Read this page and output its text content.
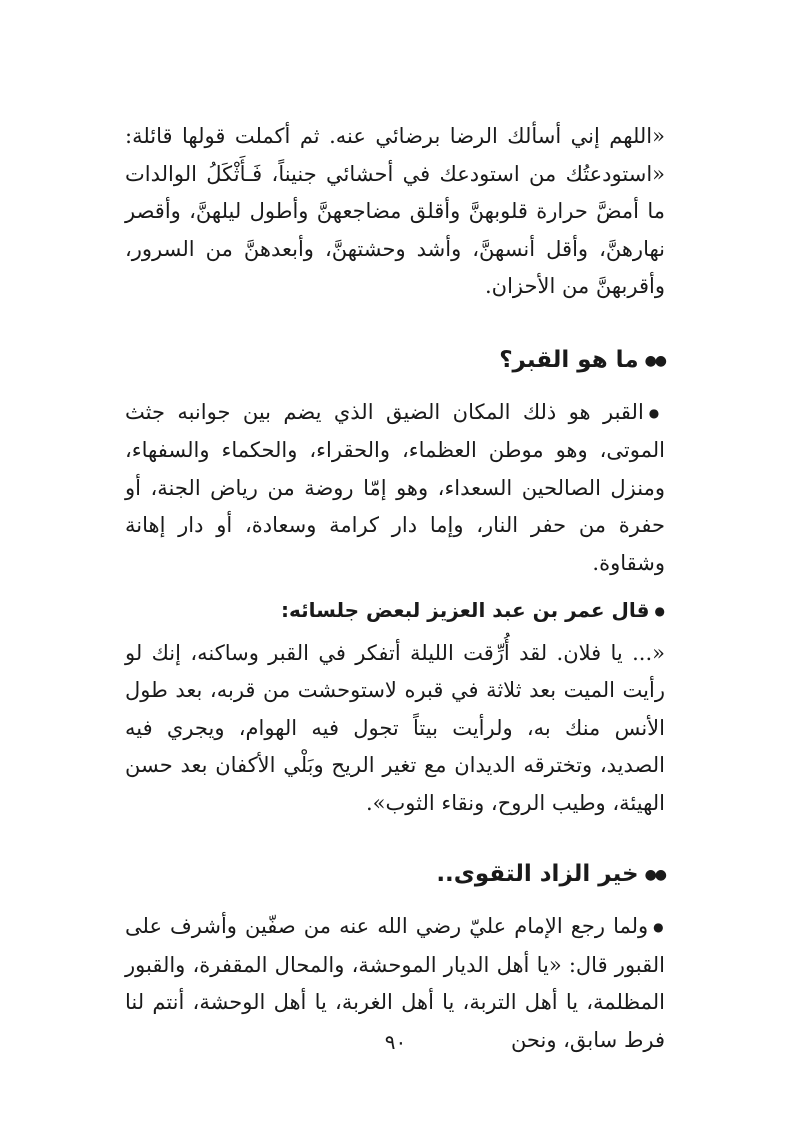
«اللهم إني أسألك الرضا برضائي عنه. ثم أكملت قولها قائلة: «استودعتُك من استودعك في أحشائي جنيناً، فَـأَثْكَلُ الوالدات ما أمضَّ حرارة قلوبهنَّ وأقلق مضاجعهنَّ وأطول ليلهنَّ، وأقصر نهارهنَّ، وأقل أنسهنَّ، وأشد وحشتهنَّ، وأبعدهنَّ من السرور، وأقربهنَّ من الأحزان.

●●ما هو القبر؟

●القبر هو ذلك المكان الضيق الذي يضم بين جوانبه جثث الموتى، وهو موطن العظماء، والحقراء، والحكماء والسفهاء، ومنزل الصالحين السعداء، وهو إمّا روضة من رياض الجنة، أو حفرة من حفر النار، وإما دار كرامة وسعادة، أو دار إهانة وشقاوة.

●قال عمر بن عبد العزيز لبعض جلسائه:

«... يا فلان. لقد أُرِّقت الليلة أتفكر في القبر وساكنه، إنك لو رأيت الميت بعد ثلاثة في قبره لاستوحشت من قربه، بعد طول الأنس منك به، ولرأيت بيتاً تجول فيه الهوام، ويجري فيه الصديد، وتخترقه الديدان مع تغير الريح وبَلْي الأكفان بعد حسن الهيئة، وطيب الروح، ونقاء الثوب».

●●خير الزاد التقوى..

●ولما رجع الإمام عليّ رضي الله عنه من صفّين وأشرف على القبور قال: «يا أهل الديار الموحشة، والمحال المقفرة، والقبور المظلمة، يا أهل التربة، يا أهل الغربة، يا أهل الوحشة، أنتم لنا فرط سابق، ونحن

٩٠
